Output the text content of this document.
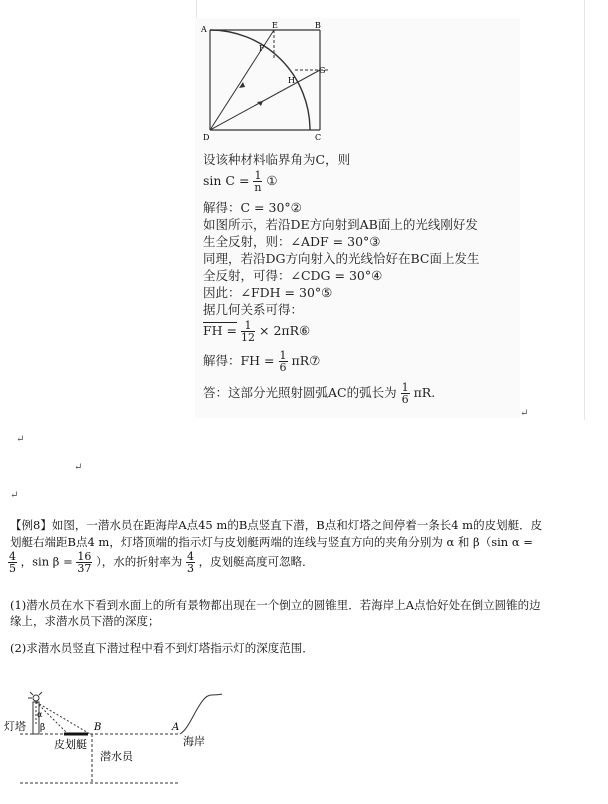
A	B
C
D
E
F
G
H
设该种材料临界角为C，则
$\sin C = \frac{1}{n}$ ①
解得：C = 30°②
如图所示，若沿DE方向射到AB面上的光线刚好发
生全反射，则：∠ADF = 30°③
同理，若沿DG方向射入的光线恰好在BC面上发生
全反射，可得：∠CDG = 30°④
因此：∠FDH = 30°⑤
据几何关系可得：
FH = $\frac{1}{12}$ × 2πR⑥
解得：FH = $\frac{1}{6}$ πR⑦
答：这部分光照射圆弧AC的弧长为 $\frac{1}{6} \pi R$.
↵
↵
↵
↵
【例8】如图，一潜水员在距海岸A点45 m的B点竖直下潜，B点和灯塔之间停着一条长4 m的皮划艇．皮
划艇右端距B点4 m，灯塔顶端的指示灯与皮划艇两端的连线与竖直方向的夹角分别为 α 和 β（sin α =
$\frac{4}{5}$ ，$\sin \beta = \frac{16}{37}$ ），水的折射率为 $\frac{4}{3}$ ，皮划艇高度可忽略．
(1)潜水员在水下看到水面上的所有景物都出现在一个倒立的圆锥里．若海岸上A点恰好处在倒立圆锥的边
缘上，求潜水员下潜的深度；
(2)求潜水员竖直下潜过程中看不到灯塔指示灯的深度范围．
灯塔
α
β	B	A
皮划艇	海岸
潜水员
